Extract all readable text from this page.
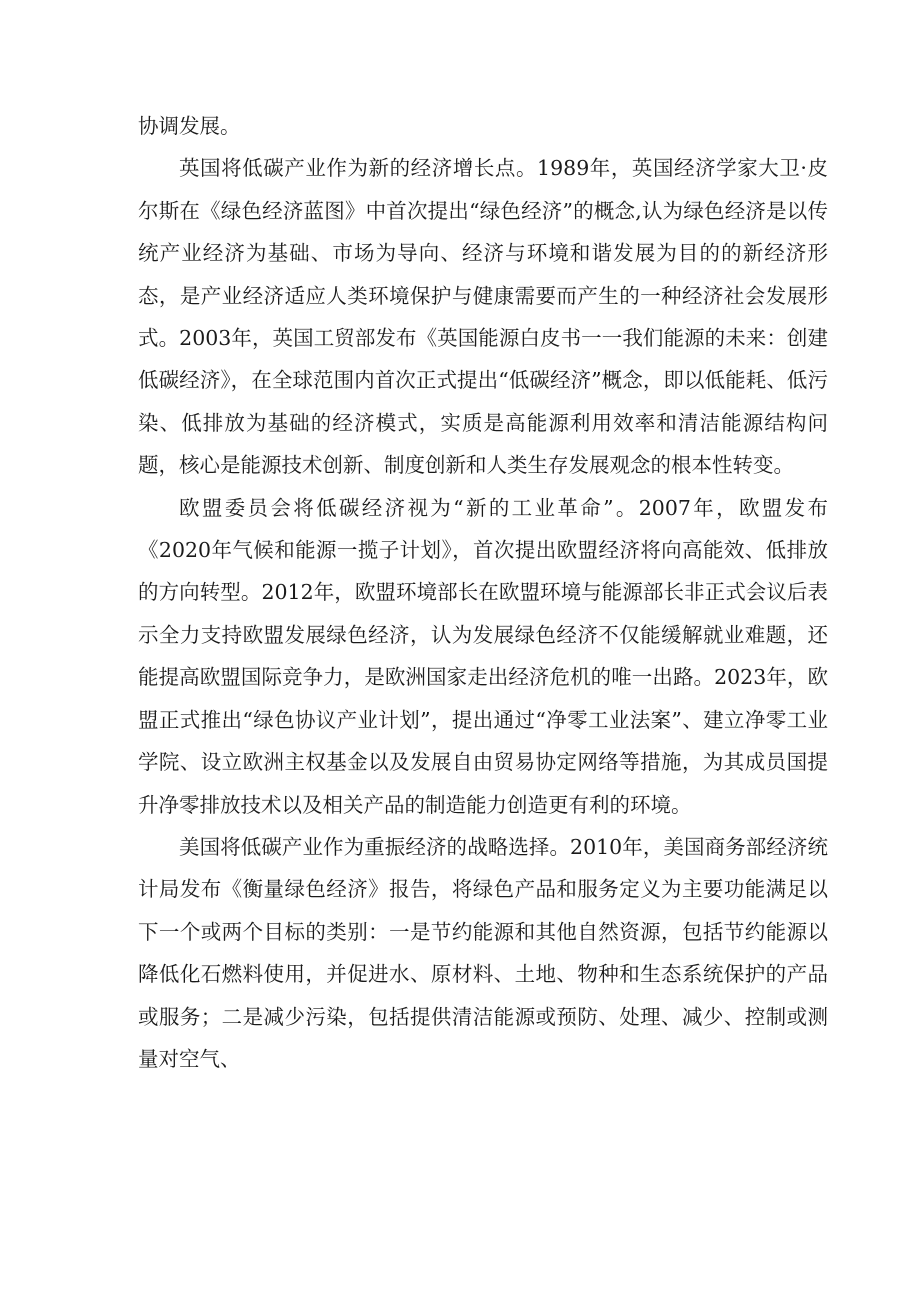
协调发展。

英国将低碳产业作为新的经济增长点。1989年，英国经济学家大卫·皮尔斯在《绿色经济蓝图》中首次提出“绿色经济”的概念,认为绿色经济是以传统产业经济为基础、市场为导向、经济与环境和谐发展为目的的新经济形态，是产业经济适应人类环境保护与健康需要而产生的一种经济社会发展形式。2003年，英国工贸部发布《英国能源白皮书一一我们能源的未来：创建低碳经济》，在全球范围内首次正式提出“低碳经济”概念，即以低能耗、低污染、低排放为基础的经济模式，实质是高能源利用效率和清洁能源结构问题，核心是能源技术创新、制度创新和人类生存发展观念的根本性转变。

欧盟委员会将低碳经济视为“新的工业革命”。2007年，欧盟发布《2020年气候和能源一揽子计划》，首次提出欧盟经济将向高能效、低排放的方向转型。2012年，欧盟环境部长在欧盟环境与能源部长非正式会议后表示全力支持欧盟发展绿色经济，认为发展绿色经济不仅能缓解就业难题，还能提高欧盟国际竞争力，是欧洲国家走出经济危机的唯一出路。2023年，欧盟正式推出“绿色协议产业计划”，提出通过“净零工业法案”、建立净零工业学院、设立欧洲主权基金以及发展自由贸易协定网络等措施，为其成员国提升净零排放技术以及相关产品的制造能力创造更有利的环境。

美国将低碳产业作为重振经济的战略选择。2010年，美国商务部经济统计局发布《衡量绿色经济》报告，将绿色产品和服务定义为主要功能满足以下一个或两个目标的类别：一是节约能源和其他自然资源，包括节约能源以降低化石燃料使用，并促进水、原材料、土地、物种和生态系统保护的产品或服务；二是减少污染，包括提供清洁能源或预防、处理、减少、控制或测量对空气、
